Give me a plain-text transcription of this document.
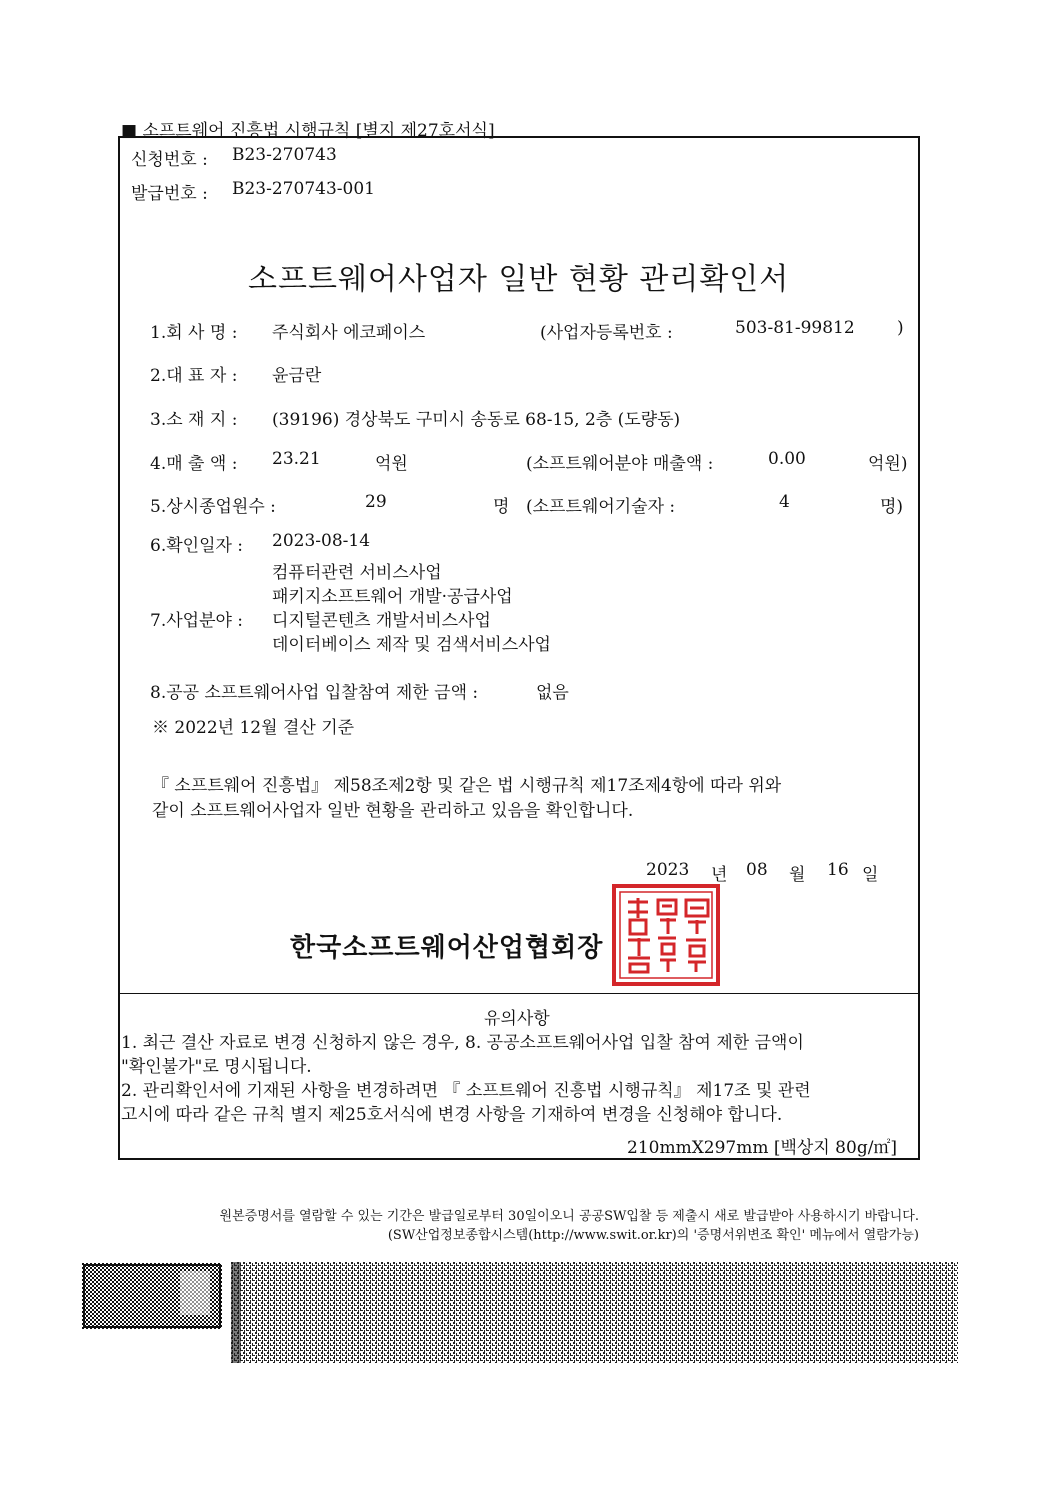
■ 소프트웨어 진흥법 시행규칙 [별지 제27호서식]
신청번호 : B23-270743
발급번호 : B23-270743-001
소프트웨어사업자 일반 현황 관리확인서
1.회 사 명 : 주식회사 에코페이스	(사업자등록번호 :	503-81-99812 )
2.대 표 자 : 윤금란
3.소 재 지 : (39196) 경상북도 구미시 송동로 68-15, 2층 (도량동)
4.매 출 액 : 23.21	억원	(소프트웨어분야 매출액 :	0.00	억원)
5.상시종업원수 :	29	명 (소프트웨어기술자 :	4	명)
6.확인일자 : 2023-08-14
컴퓨터관련 서비스사업
패키지소프트웨어 개발·공급사업
7.사업분야 : 디지털콘텐츠 개발서비스사업
데이터베이스 제작 및 검색서비스사업
8.공공 소프트웨어사업 입찰참여 제한 금액 :	없음
※ 2022년 12월 결산 기준
『 소프트웨어 진흥법』 제58조제2항 및 같은 법 시행규칙 제17조제4항에 따라 위와
같이 소프트웨어사업자 일반 현황을 관리하고 있음을 확인합니다.
2023 년 08 월 16 일
한국소프트웨어산업협회장
유의사항
1. 최근 결산 자료로 변경 신청하지 않은 경우, 8. 공공소프트웨어사업 입찰 참여 제한 금액이
"확인불가"로 명시됩니다.
2. 관리확인서에 기재된 사항을 변경하려면 『 소프트웨어 진흥법 시행규칙』 제17조 및 관련
고시에 따라 같은 규칙 별지 제25호서식에 변경 사항을 기재하여 변경을 신청해야 합니다.
210mmX297mm [백상지 80g/㎡]
원본증명서를 열람할 수 있는 기간은 발급일로부터 30일이오니 공공SW입찰 등 제출시 새로 발급받아 사용하시기 바랍니다.
(SW산업정보종합시스템(http://www.swit.or.kr)의 '증명서위변조 확인' 메뉴에서 열람가능)
